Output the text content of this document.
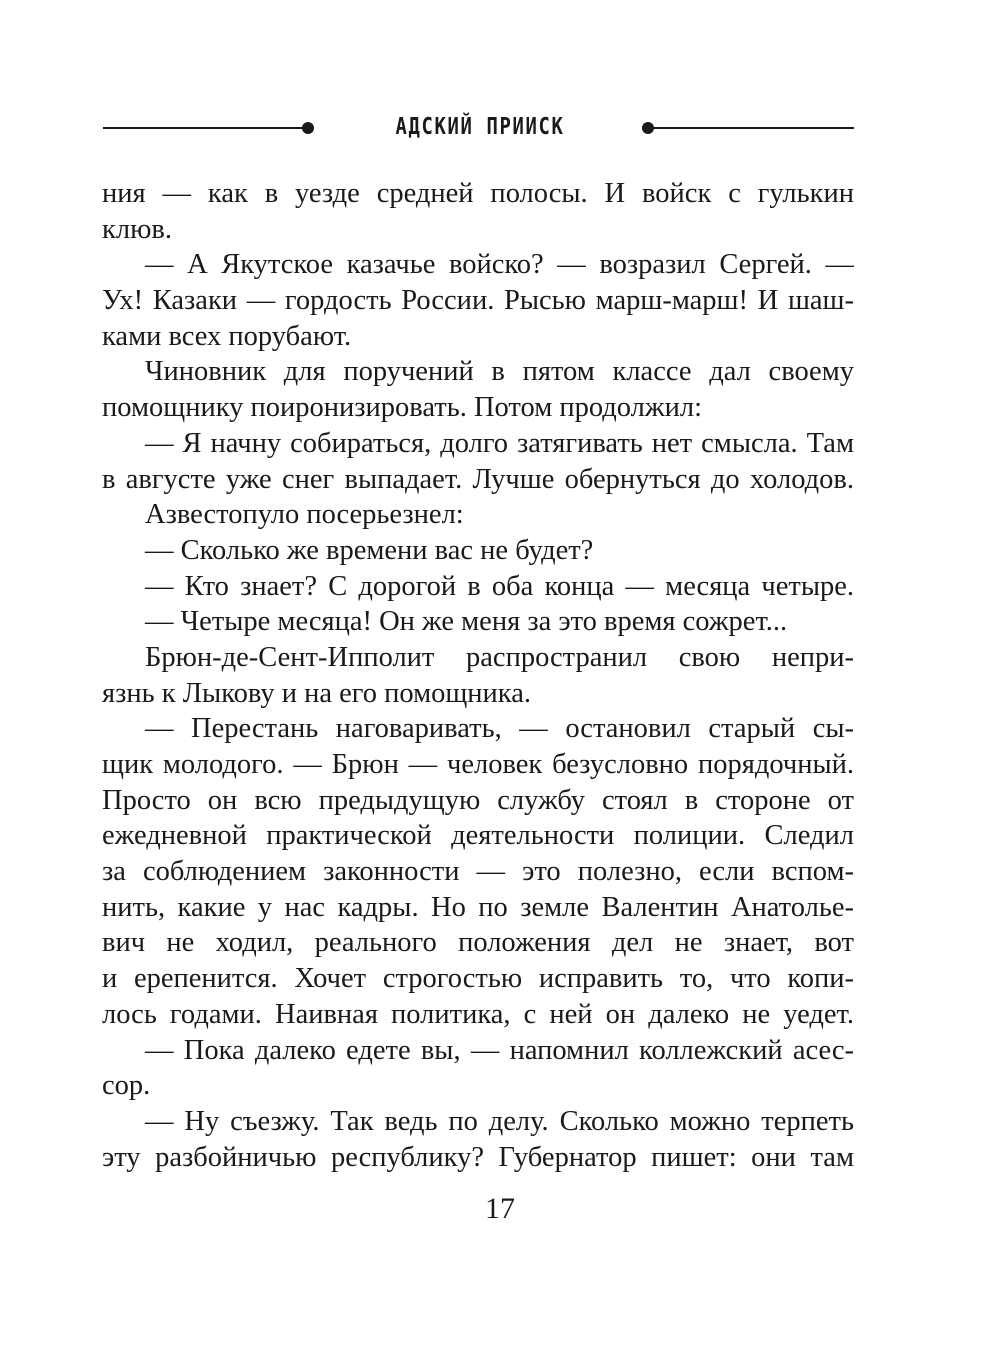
АДСКИЙ ПРИИСК
ния — как в уезде средней полосы. И войск с гулькин
клюв.
— А Якутское казачье войско? — возразил Сергей. —
Ух! Казаки — гордость России. Рысью марш-марш! И шаш-
ками всех порубают.
Чиновник для поручений в пятом классе дал своему
помощнику поиронизировать. Потом продолжил:
— Я начну собираться, долго затягивать нет смысла. Там
в августе уже снег выпадает. Лучше обернуться до холодов.
Азвестопуло посерьезнел:
— Сколько же времени вас не будет?
— Кто знает? С дорогой в оба конца — месяца четыре.
— Четыре месяца! Он же меня за это время сожрет...
Брюн-де-Сент-Ипполит распространил свою непри-
язнь к Лыкову и на его помощника.
— Перестань наговаривать, — остановил старый сы-
щик молодого. — Брюн — человек безусловно порядочный.
Просто он всю предыдущую службу стоял в стороне от
ежедневной практической деятельности полиции. Следил
за соблюдением законности — это полезно, если вспом-
нить, какие у нас кадры. Но по земле Валентин Анатолье-
вич не ходил, реального положения дел не знает, вот
и ерепенится. Хочет строгостью исправить то, что копи-
лось годами. Наивная политика, с ней он далеко не уедет.
— Пока далеко едете вы, — напомнил коллежский асес-
сор.
— Ну съезжу. Так ведь по делу. Сколько можно терпеть
эту разбойничью республику? Губернатор пишет: они там
17
